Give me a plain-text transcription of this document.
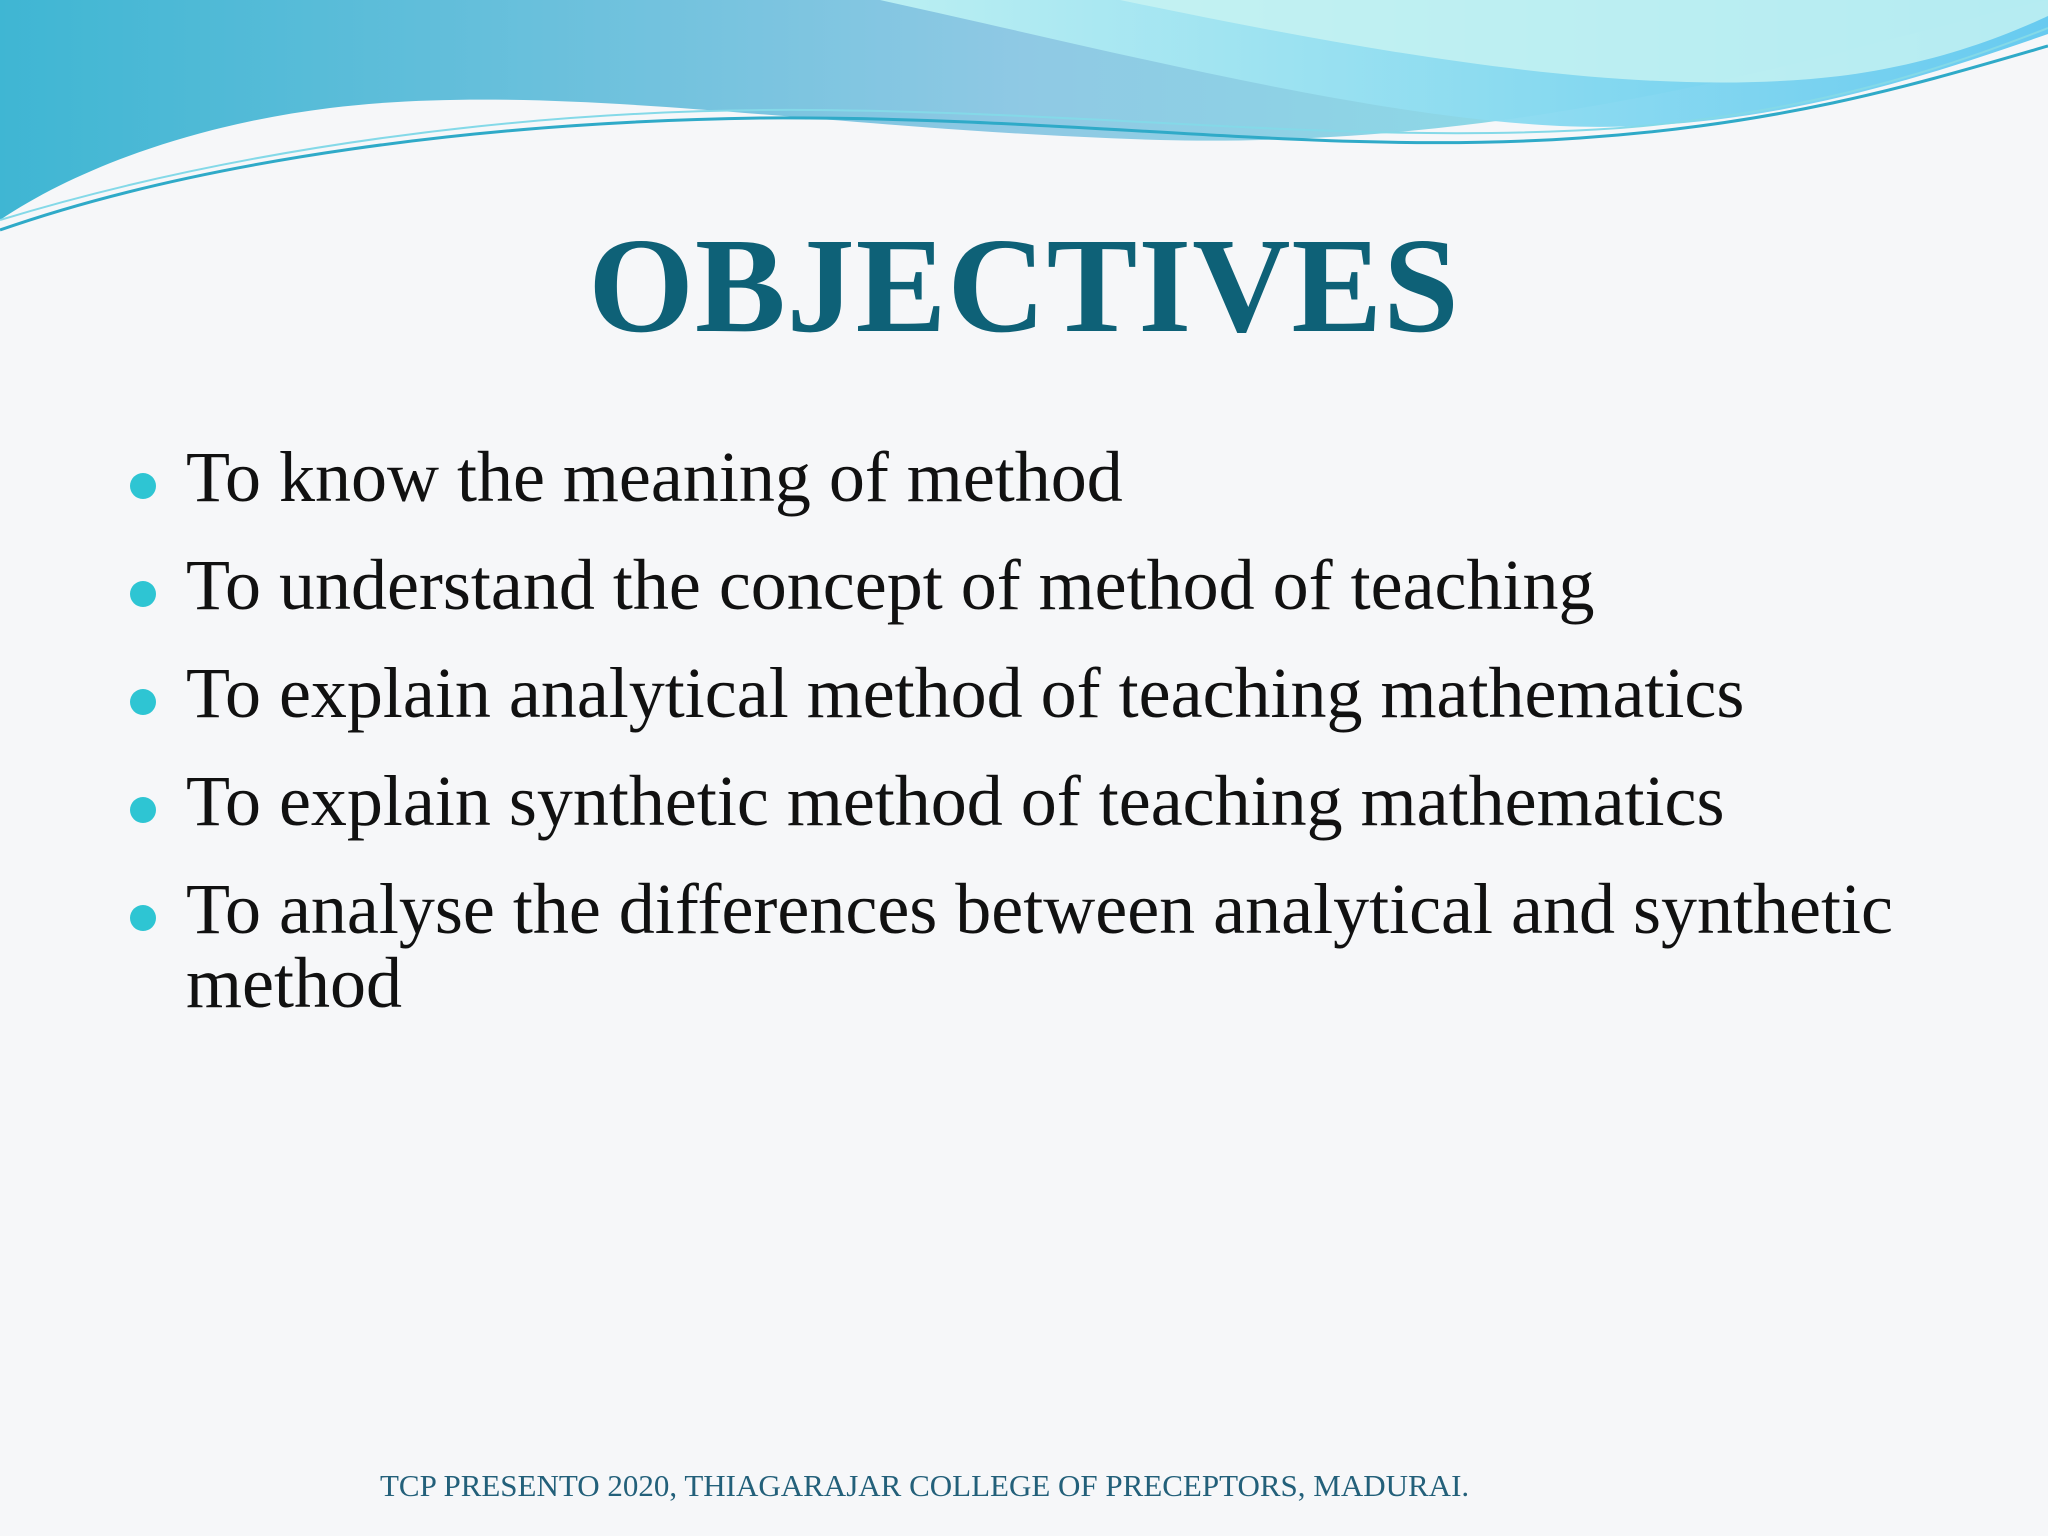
OBJECTIVES
To know the meaning of method
To understand the concept of method of teaching
To explain analytical method of teaching mathematics
To explain synthetic method of teaching mathematics
To analyse the differences between analytical and synthetic method
TCP PRESENTO 2020, THIAGARAJAR COLLEGE OF PRECEPTORS, MADURAI.
